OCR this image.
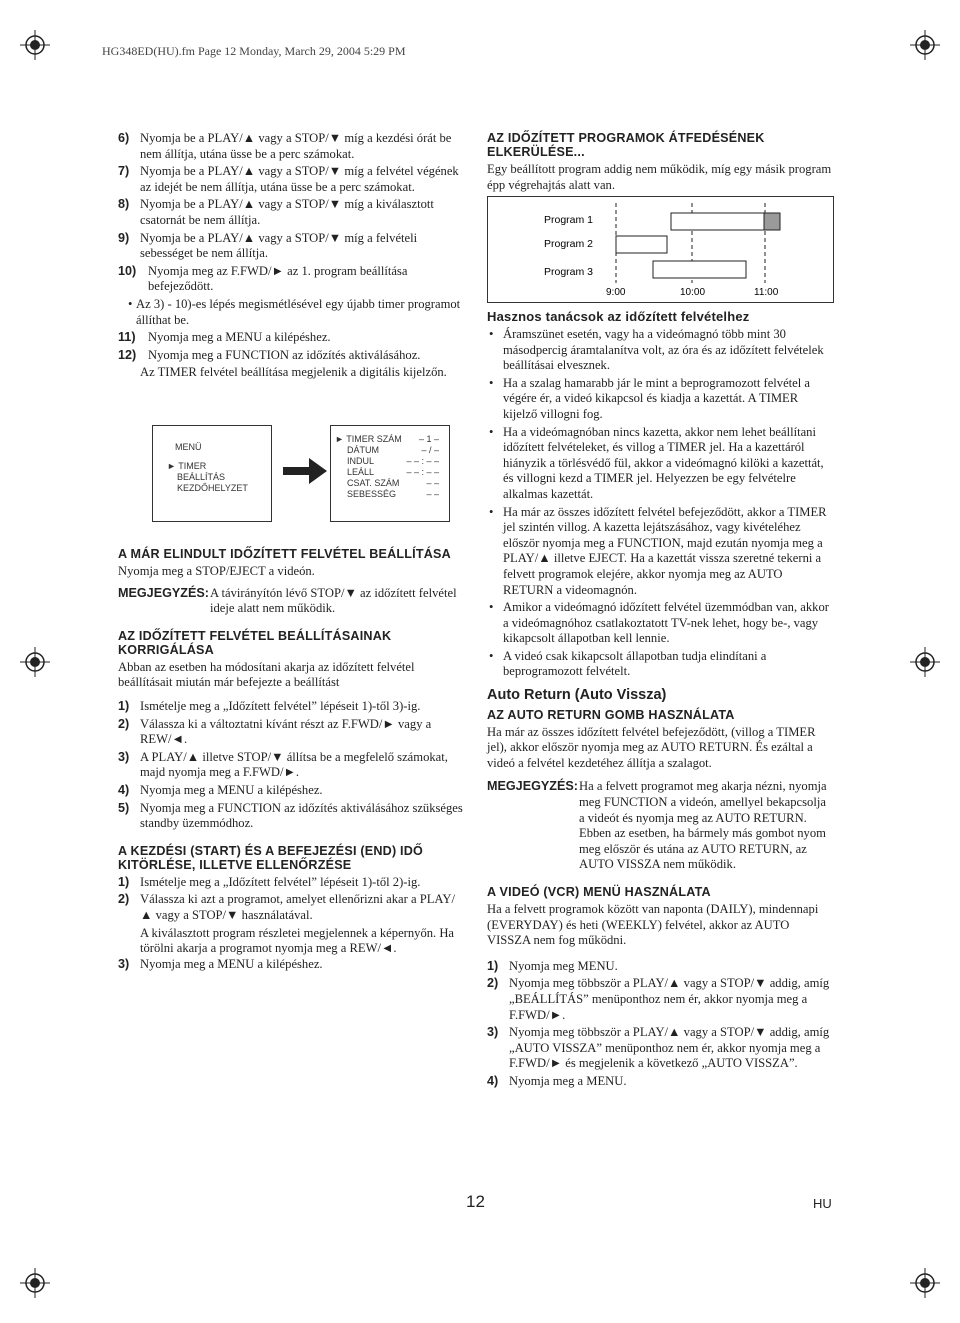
HG348ED(HU).fm Page 12 Monday, March 29, 2004 5:29 PM
6) Nyomja be a PLAY/▲ vagy a STOP/▼ míg a kezdési órát be nem állítja, utána üsse be a perc számokat.
7) Nyomja be a PLAY/▲ vagy a STOP/▼ míg a felvétel végének az idejét be nem állítja, utána üsse be a perc számokat.
8) Nyomja be a PLAY/▲ vagy a STOP/▼ míg a kiválasztott csatornát be nem állítja.
9) Nyomja be a PLAY/▲ vagy a STOP/▼ míg a felvételi sebességet be nem állítja.
10) Nyomja meg az F.FWD/► az 1. program beállítása befejeződött.
• Az 3) - 10)-es lépés megismétlésével egy újabb timer programot állíthat be.
11) Nyomja meg a MENU a kilépéshez.
12) Nyomja meg a FUNCTION az időzítés aktiválásához.
Az TIMER felvétel beállítása megjelenik a digitális kijelzőn.
MENÜ
► TIMER
BEÁLLÍTÁS
KEZDŐHELYZET
► TIMER SZÁM – 1 –
DÁTUM	– / –
INDUL	– – : – –
LEÁLL	– – : – –
CSAT. SZÁM	– –
SEBESSÉG	– –
A MÁR ELINDULT IDŐZÍTETT FELVÉTEL BEÁLLÍTÁSA
Nyomja meg a STOP/EJECT a videón.
MEGJEGYZÉS: A távirányítón lévő STOP/▼ az időzített felvétel ideje alatt nem működik.
AZ IDŐZÍTETT FELVÉTEL BEÁLLÍTÁSAINAK KORRIGÁLÁSA
Abban az esetben ha módosítani akarja az időzített felvétel beállításait miután már befejezte a beállítást
1) Ismételje meg a „Időzített felvétel” lépéseit 1)-től 3)-ig.
2) Válassza ki a változtatni kívánt részt az F.FWD/► vagy a REW/◄.
3) A PLAY/▲ illetve STOP/▼ állítsa be a megfelelő számokat, majd nyomja meg a F.FWD/►.
4) Nyomja meg a MENU a kilépéshez.
5) Nyomja meg a FUNCTION az időzítés aktiválásához szükséges standby üzemmódhoz.
A KEZDÉSI (START) ÉS A BEFEJEZÉSI (END) IDŐ KITÖRLÉSE, ILLETVE ELLENŐRZÉSE
1) Ismételje meg a „Időzített felvétel” lépéseit 1)-től 2)-ig.
2) Válassza ki azt a programot, amelyet ellenőrizni akar a PLAY/▲ vagy a STOP/▼ használatával.
A kiválasztott program részletei megjelennek a képernyőn. Ha törölni akarja a programot nyomja meg a REW/◄.
3) Nyomja meg a MENU a kilépéshez.
AZ IDŐZÍTETT PROGRAMOK ÁTFEDÉSÉNEK ELKERÜLÉSE...
Egy beállított program addig nem működik, míg egy másik program épp végrehajtás alatt van.
Program 1
Program 2
Program 3
9:00	10:00	11:00
Hasznos tanácsok az időzített felvételhez
• Áramszünet esetén, vagy ha a videómagnó több mint 30 másodpercig áramtalanítva volt, az óra és az időzített felvételek beállításai elvesznek.
• Ha a szalag hamarabb jár le mint a beprogramozott felvétel a végére ér, a videó kikapcsol és kiadja a kazettát. A TIMER kijelző villogni fog.
• Ha a videómagnóban nincs kazetta, akkor nem lehet beállítani időzített felvételeket, és villog a TIMER jel. Ha a kazettáról hiányzik a törlésvédő fül, akkor a videómagnó kilöki a kazettát, és villogni kezd a TIMER jel. Helyezzen be egy felvételre alkalmas kazettát.
• Ha már az összes időzített felvétel befejeződött, akkor a TIMER jel szintén villog. A kazetta lejátszásához, vagy kivételéhez először nyomja meg a FUNCTION, majd ezután nyomja meg a PLAY/▲ illetve EJECT. Ha a kazettát vissza szeretné tekerni a felvett programok elejére, akkor nyomja meg az AUTO RETURN a videomagnón.
• Amikor a videómagnó időzített felvétel üzemmódban van, akkor a videómagnóhoz csatlakoztatott TV-nek lehet, hogy be-, vagy kikapcsolt állapotban kell lennie.
• A videó csak kikapcsolt állapotban tudja elindítani a beprogramozott felvételt.
Auto Return (Auto Vissza)
AZ AUTO RETURN GOMB HASZNÁLATA
Ha már az összes időzített felvétel befejeződött, (villog a TIMER jel), akkor először nyomja meg az AUTO RETURN. És ezáltal a videó a felvétel kezdetéhez állítja a szalagot.
MEGJEGYZÉS: Ha a felvett programot meg akarja nézni, nyomja meg FUNCTION a videón, amellyel bekapcsolja a videót és nyomja meg az AUTO RETURN. Ebben az esetben, ha bármely más gombot nyom meg először és utána az AUTO RETURN, az AUTO VISSZA nem működik.
A VIDEÓ (VCR) MENÜ HASZNÁLATA
Ha a felvett programok között van naponta (DAILY), mindennapi (EVERYDAY) és heti (WEEKLY) felvétel, akkor az AUTO VISSZA nem fog működni.
1) Nyomja meg MENU.
2) Nyomja meg többször a PLAY/▲ vagy a STOP/▼ addig, amíg „BEÁLLÍTÁS” menüponthoz nem ér, akkor nyomja meg a F.FWD/►.
3) Nyomja meg többször a PLAY/▲ vagy a STOP/▼ addig, amíg „AUTO VISSZA” menüponthoz nem ér, akkor nyomja meg a F.FWD/► és megjelenik a következő „AUTO VISSZA”.
4) Nyomja meg a MENU.
12	HU
